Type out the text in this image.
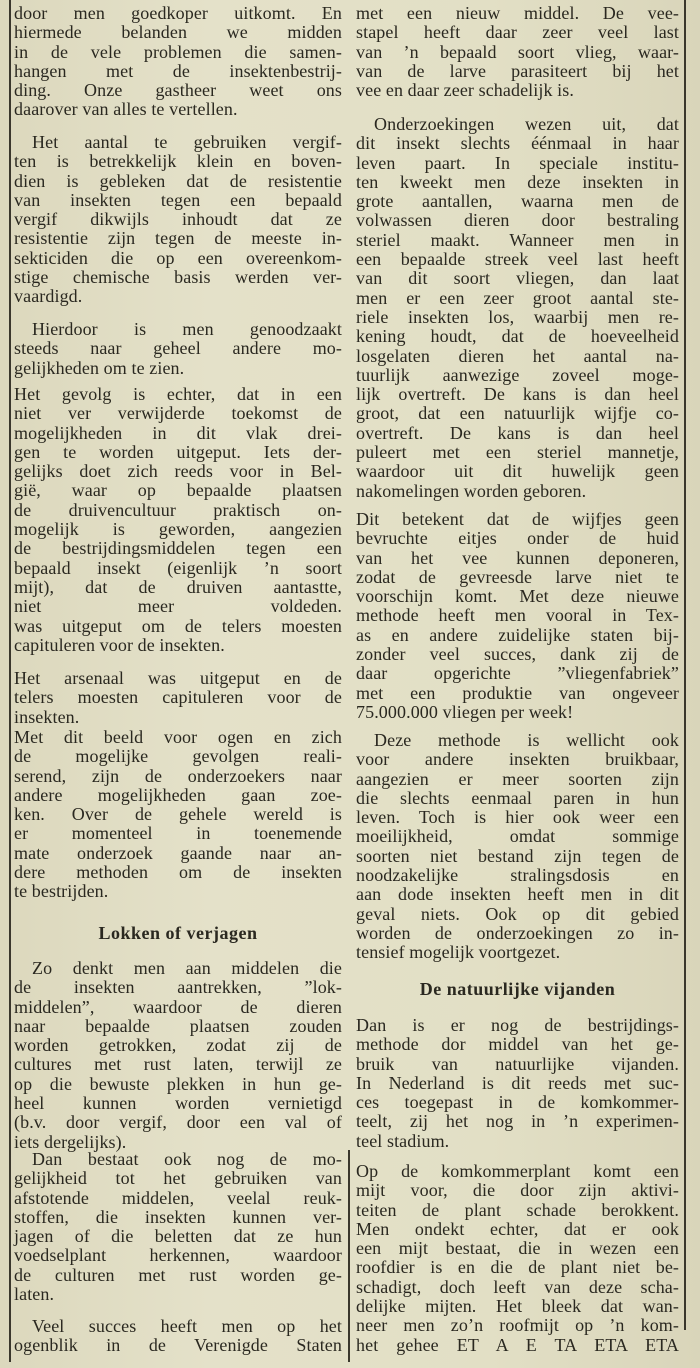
door men goedkoper uitkomt. En
hiermede belanden we midden
in de vele problemen die samen-
hangen met de insektenbestrij-
ding. Onze gastheer weet ons
daarover van alles te vertellen.
Het aantal te gebruiken vergif-
ten is betrekkelijk klein en boven-
dien is gebleken dat de resistentie
van insekten tegen een bepaald
vergif dikwijls inhoudt dat ze
resistentie zijn tegen de meeste in-
sekticiden die op een overeenkom-
stige chemische basis werden ver-
vaardigd.
Hierdoor is men genoodzaakt
steeds naar geheel andere mo-
gelijkheden om te zien.
Het gevolg is echter, dat in een
niet ver verwijderde toekomst de
mogelijkheden in dit vlak drei-
gen te worden uitgeput. Iets der-
gelijks doet zich reeds voor in Bel-
gië, waar op bepaalde plaatsen
de druivencultuur praktisch on-
mogelijk is geworden, aangezien
de bestrijdingsmiddelen tegen een
bepaald insekt (eigenlijk ’n soort
mijt), dat de druiven aantastte,
niet meer voldeden.
was uitgeput om de telers moesten
capituleren voor de insekten.
Het arsenaal was uitgeput en de
telers moesten capituleren voor de
insekten.
Met dit beeld voor ogen en zich
de mogelijke gevolgen reali-
serend, zijn de onderzoekers naar
andere mogelijkheden gaan zoe-
ken. Over de gehele wereld is
er momenteel in toenemende
mate onderzoek gaande naar an-
dere methoden om de insekten
te bestrijden.
Lokken of verjagen
Zo denkt men aan middelen die
de insekten aantrekken, ”lok-
middelen”, waardoor de dieren
naar bepaalde plaatsen zouden
worden getrokken, zodat zij de
cultures met rust laten, terwijl ze
op die bewuste plekken in hun ge-
heel kunnen worden vernietigd
(b.v. door vergif, door een val of
iets dergelijks).
Dan bestaat ook nog de mo-
gelijkheid tot het gebruiken van
afstotende middelen, veelal reuk-
stoffen, die insekten kunnen ver-
jagen of die beletten dat ze hun
voedselplant herkennen, waardoor
de culturen met rust worden ge-
laten.
Veel succes heeft men op het
ogenblik in de Verenigde Staten
met een nieuw middel. De vee-
stapel heeft daar zeer veel last
van ’n bepaald soort vlieg, waar-
van de larve parasiteert bij het
vee en daar zeer schadelijk is.
Onderzoekingen wezen uit, dat
dit insekt slechts éénmaal in haar
leven paart. In speciale institu-
ten kweekt men deze insekten in
grote aantallen, waarna men de
volwassen dieren door bestraling
steriel maakt. Wanneer men in
een bepaalde streek veel last heeft
van dit soort vliegen, dan laat
men er een zeer groot aantal ste-
riele insekten los, waarbij men re-
kening houdt, dat de hoeveelheid
losgelaten dieren het aantal na-
tuurlijk aanwezige zoveel moge-
lijk overtreft. De kans is dan heel
groot, dat een natuurlijk wijfje co-
overtreft. De kans is dan heel
puleert met een steriel mannetje,
waardoor uit dit huwelijk geen
nakomelingen worden geboren.
Dit betekent dat de wijfjes geen
bevruchte eitjes onder de huid
van het vee kunnen deponeren,
zodat de gevreesde larve niet te
voorschijn komt. Met deze nieuwe
methode heeft men vooral in Tex-
as en andere zuidelijke staten bij-
zonder veel succes, dank zij de
daar opgerichte ”vliegenfabriek”
met een produktie van ongeveer
75.000.000 vliegen per week!
Deze methode is wellicht ook
voor andere insekten bruikbaar,
aangezien er meer soorten zijn
die slechts eenmaal paren in hun
leven. Toch is hier ook weer een
moeilijkheid, omdat sommige
soorten niet bestand zijn tegen de
noodzakelijke stralingsdosis en
aan dode insekten heeft men in dit
geval niets. Ook op dit gebied
worden de onderzoekingen zo in-
tensief mogelijk voortgezet.
De natuurlijke vijanden
Dan is er nog de bestrijdings-
methode dor middel van het ge-
bruik van natuurlijke vijanden.
In Nederland is dit reeds met suc-
ces toegepast in de komkommer-
teelt, zij het nog in ’n experimen-
teel stadium.
Op de komkommerplant komt een
mijt voor, die door zijn aktivi-
teiten de plant schade berokkent.
Men ondekt echter, dat er ook
een mijt bestaat, die in wezen een
roofdier is en die de plant niet be-
schadigt, doch leeft van deze scha-
delijke mijten. Het bleek dat wan-
neer men zo’n roofmijt op ’n kom-
het gehee ET A E TA ETA ETA
